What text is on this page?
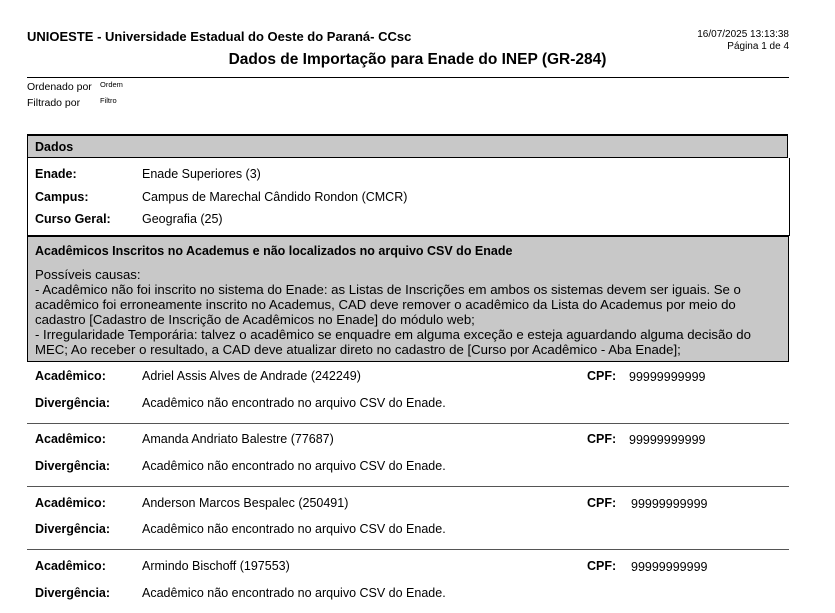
UNIOESTE - Universidade Estadual do Oeste do Paraná- CCsc	16/07/2025 13:13:38
Página 1 de 4
Dados de Importação para Enade do INEP (GR-284)
Ordenado por Ordem
Filtrado por	Filtro
Dados
Enade:	Enade Superiores (3)
Campus:	Campus de Marechal Cândido Rondon (CMCR)
Curso Geral:	Geografia (25)
Acadêmicos Inscritos no Academus e não localizados no arquivo CSV do Enade
Possíveis causas:
- Acadêmico não foi inscrito no sistema do Enade: as Listas de Inscrições em ambos os sistemas devem ser iguais. Se o acadêmico foi erroneamente inscrito no Academus, CAD deve remover o acadêmico da Lista do Academus por meio do cadastro [Cadastro de Inscrição de Acadêmicos no Enade] do módulo web;
- Irregularidade Temporária: talvez o acadêmico se enquadre em alguma exceção e esteja aguardando alguma decisão do MEC; Ao receber o resultado, a CAD deve atualizar direto no cadastro de [Curso por Acadêmico - Aba Enade];
Acadêmico:	Adriel Assis Alves de Andrade (242249)	CPF: 99999999999
Divergência:	Acadêmico não encontrado no arquivo CSV do Enade.
Acadêmico:	Amanda Andriato Balestre (77687)	CPF: 99999999999
Divergência:	Acadêmico não encontrado no arquivo CSV do Enade.
Acadêmico:	Anderson Marcos Bespalec (250491)	CPF: 99999999999
Divergência:	Acadêmico não encontrado no arquivo CSV do Enade.
Acadêmico:	Armindo Bischoff (197553)	CPF: 99999999999
Divergência:	Acadêmico não encontrado no arquivo CSV do Enade.
